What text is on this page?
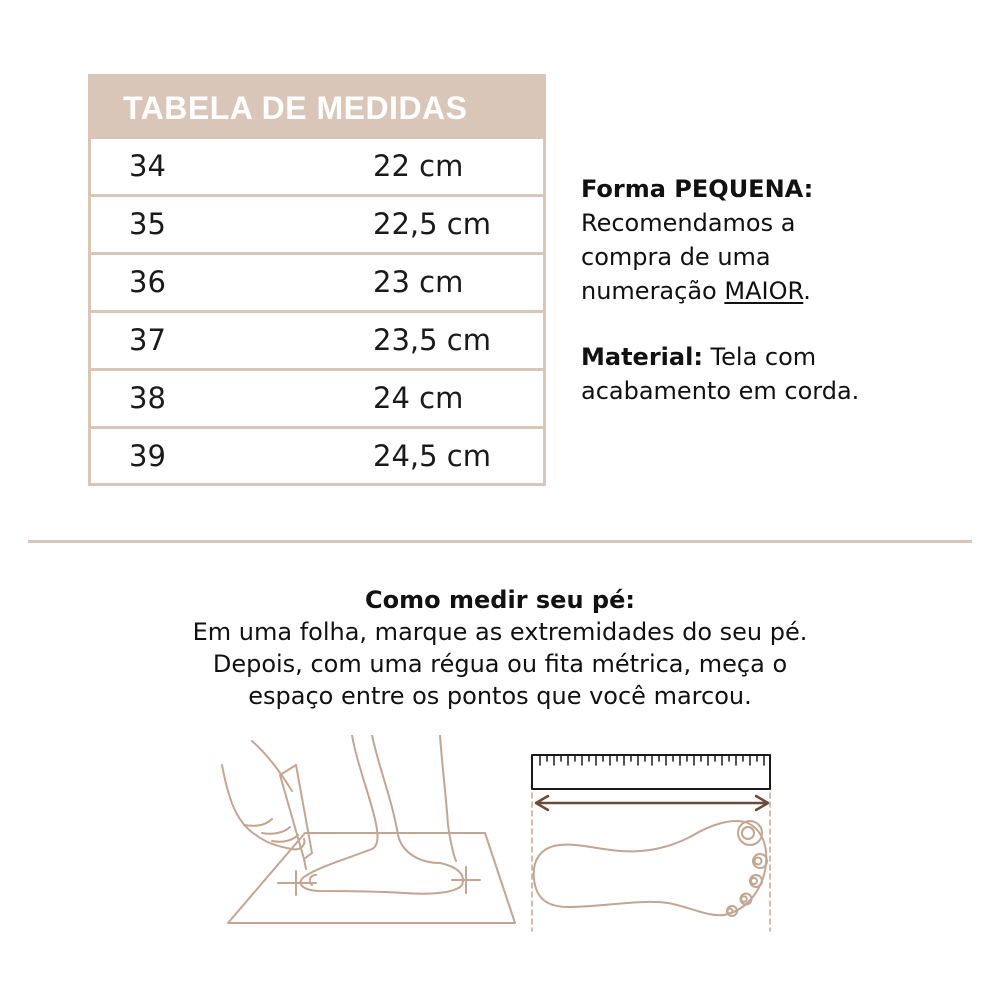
TABELA DE MEDIDAS
34	22 cm
35	22,5 cm
36	23 cm
37	23,5 cm
38	24 cm
39	24,5 cm

Forma PEQUENA:
Recomendamos a
compra de uma
numeração MAIOR.

Material: Tela com
acabamento em corda.

Como medir seu pé:
Em uma folha, marque as extremidades do seu pé.
Depois, com uma régua ou fita métrica, meça o
espaço entre os pontos que você marcou.
